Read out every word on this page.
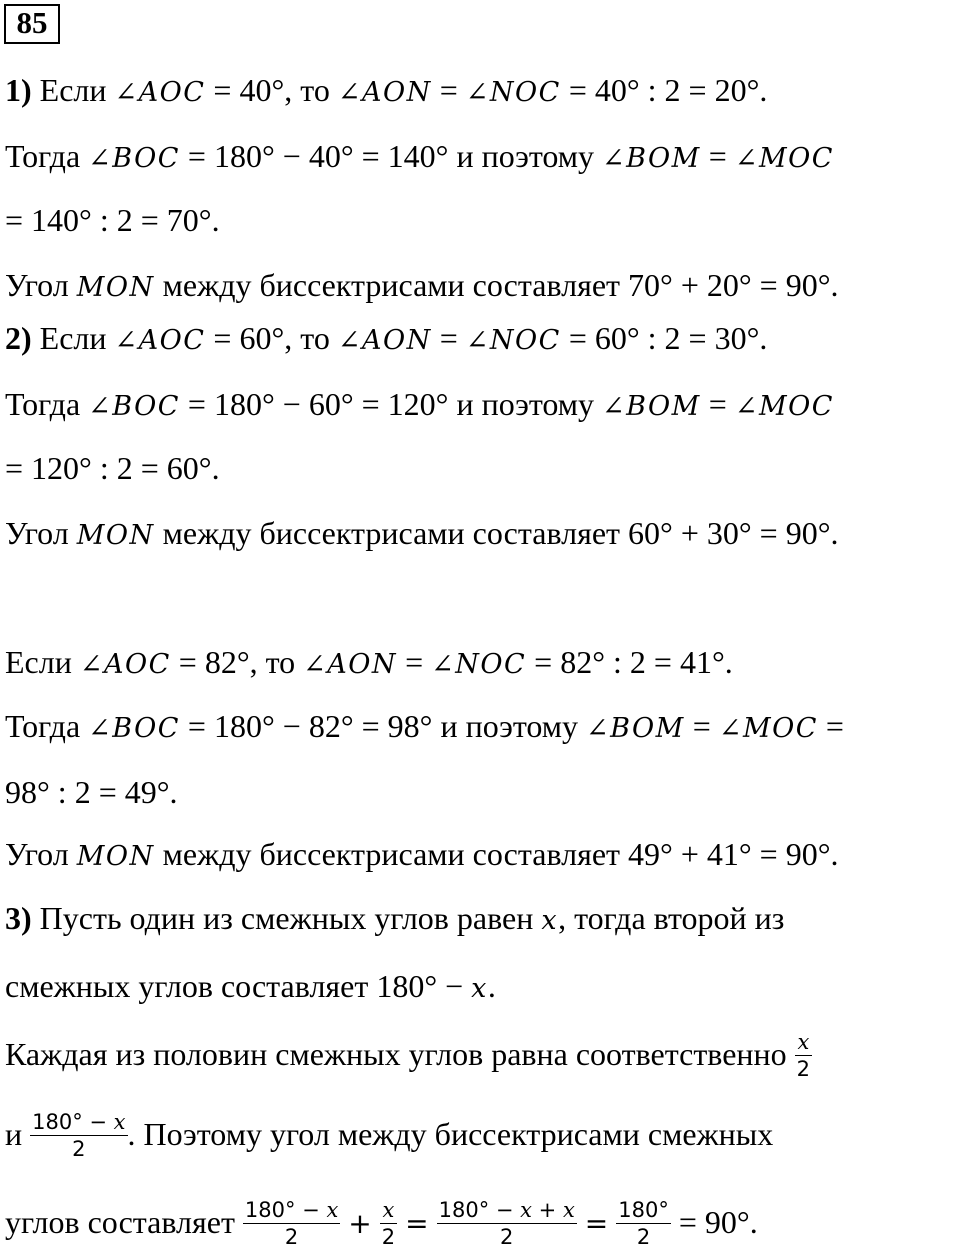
85
1) Если ∠AOC = 40°, то ∠AON = ∠NOC = 40° : 2 = 20°.
Тогда ∠BOC = 180° − 40° = 140° и поэтому ∠BOM = ∠MOC
= 140° : 2 = 70°.
Угол MON между биссектрисами составляет 70° + 20° = 90°.
2) Если ∠AOC = 60°, то ∠AON = ∠NOC = 60° : 2 = 30°.
Тогда ∠BOC = 180° − 60° = 120° и поэтому ∠BOM = ∠MOC
= 120° : 2 = 60°.
Угол MON между биссектрисами составляет 60° + 30° = 90°.
Если ∠AOC = 82°, то ∠AON = ∠NOC = 82° : 2 = 41°.
Тогда ∠BOC = 180° − 82° = 98° и поэтому ∠BOM = ∠MOC =
98° : 2 = 49°.
Угол MON между биссектрисами составляет 49° + 41° = 90°.
3) Пусть один из смежных углов равен x, тогда второй из
смежных углов составляет 180° − x.
Каждая из половин смежных углов равна соответственно $\frac{x}{2}$
и $\frac{180^\circ - x}{2}$ . Поэтому угол между биссектрисами смежных
углов составляет $\frac{180^\circ - x}{2} + \frac{x}{2} = \frac{180^\circ - x + x}{2} = \frac{180^\circ}{2} = 90^\circ$.
